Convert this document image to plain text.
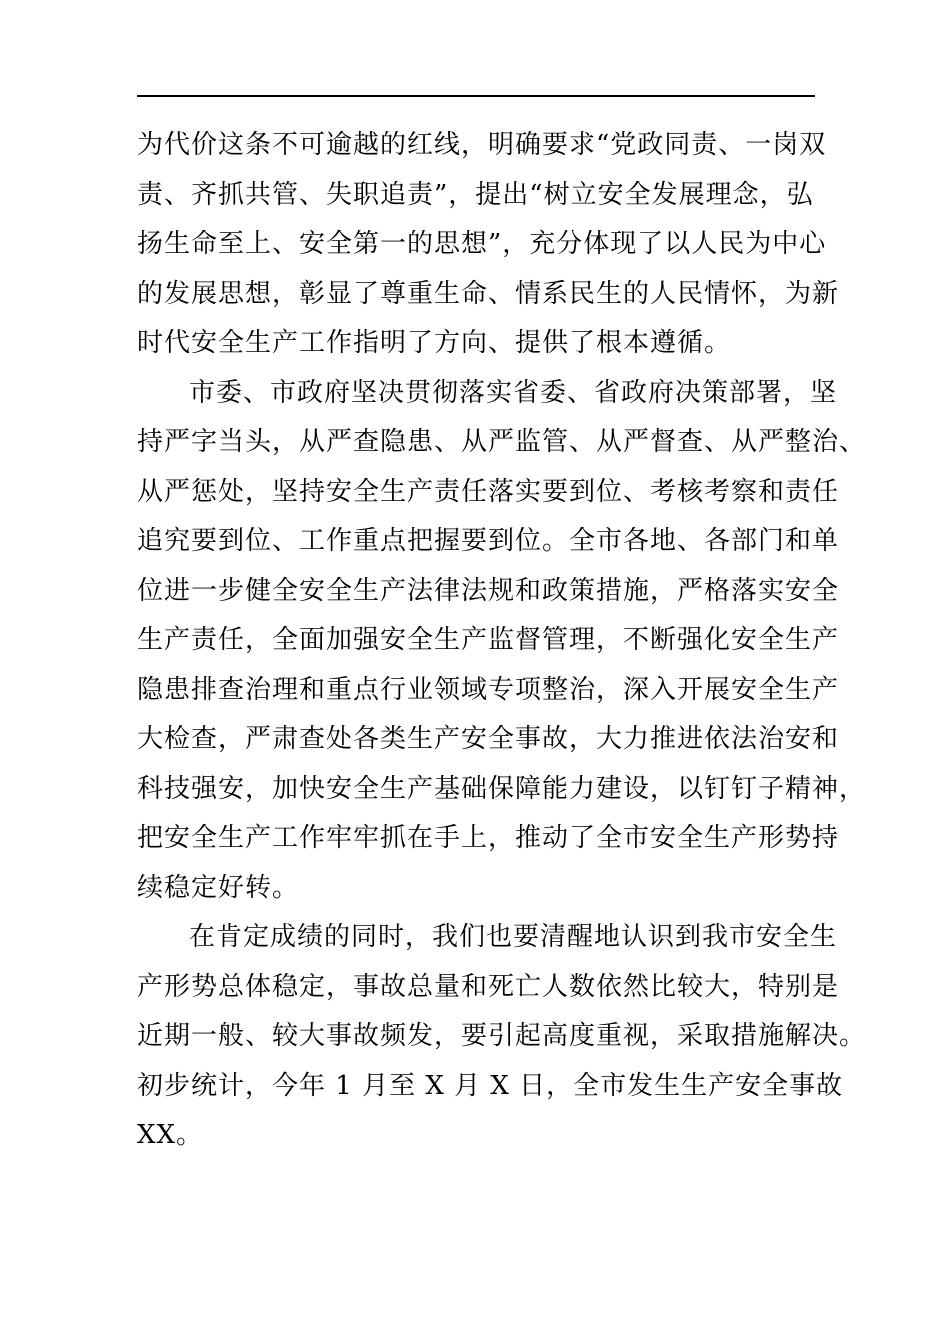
为代价这条不可逾越的红线，明确要求“党政同责、一岗双
责、齐抓共管、失职追责”，提出“树立安全发展理念，弘
扬生命至上、安全第一的思想”，充分体现了以人民为中心
的发展思想，彰显了尊重生命、情系民生的人民情怀，为新
时代安全生产工作指明了方向、提供了根本遵循。
市委、市政府坚决贯彻落实省委、省政府决策部署，坚
持严字当头，从严查隐患、从严监管、从严督查、从严整治、
从严惩处，坚持安全生产责任落实要到位、考核考察和责任
追究要到位、工作重点把握要到位。全市各地、各部门和单
位进一步健全安全生产法律法规和政策措施，严格落实安全
生产责任，全面加强安全生产监督管理，不断强化安全生产
隐患排查治理和重点行业领域专项整治，深入开展安全生产
大检查，严肃查处各类生产安全事故，大力推进依法治安和
科技强安，加快安全生产基础保障能力建设，以钉钉子精神，
把安全生产工作牢牢抓在手上，推动了全市安全生产形势持
续稳定好转。
在肯定成绩的同时，我们也要清醒地认识到我市安全生
产形势总体稳定，事故总量和死亡人数依然比较大，特别是
近期一般、较大事故频发，要引起高度重视，采取措施解决。
初步统计，今年 1 月至 X 月 X 日，全市发生生产安全事故
XX。
